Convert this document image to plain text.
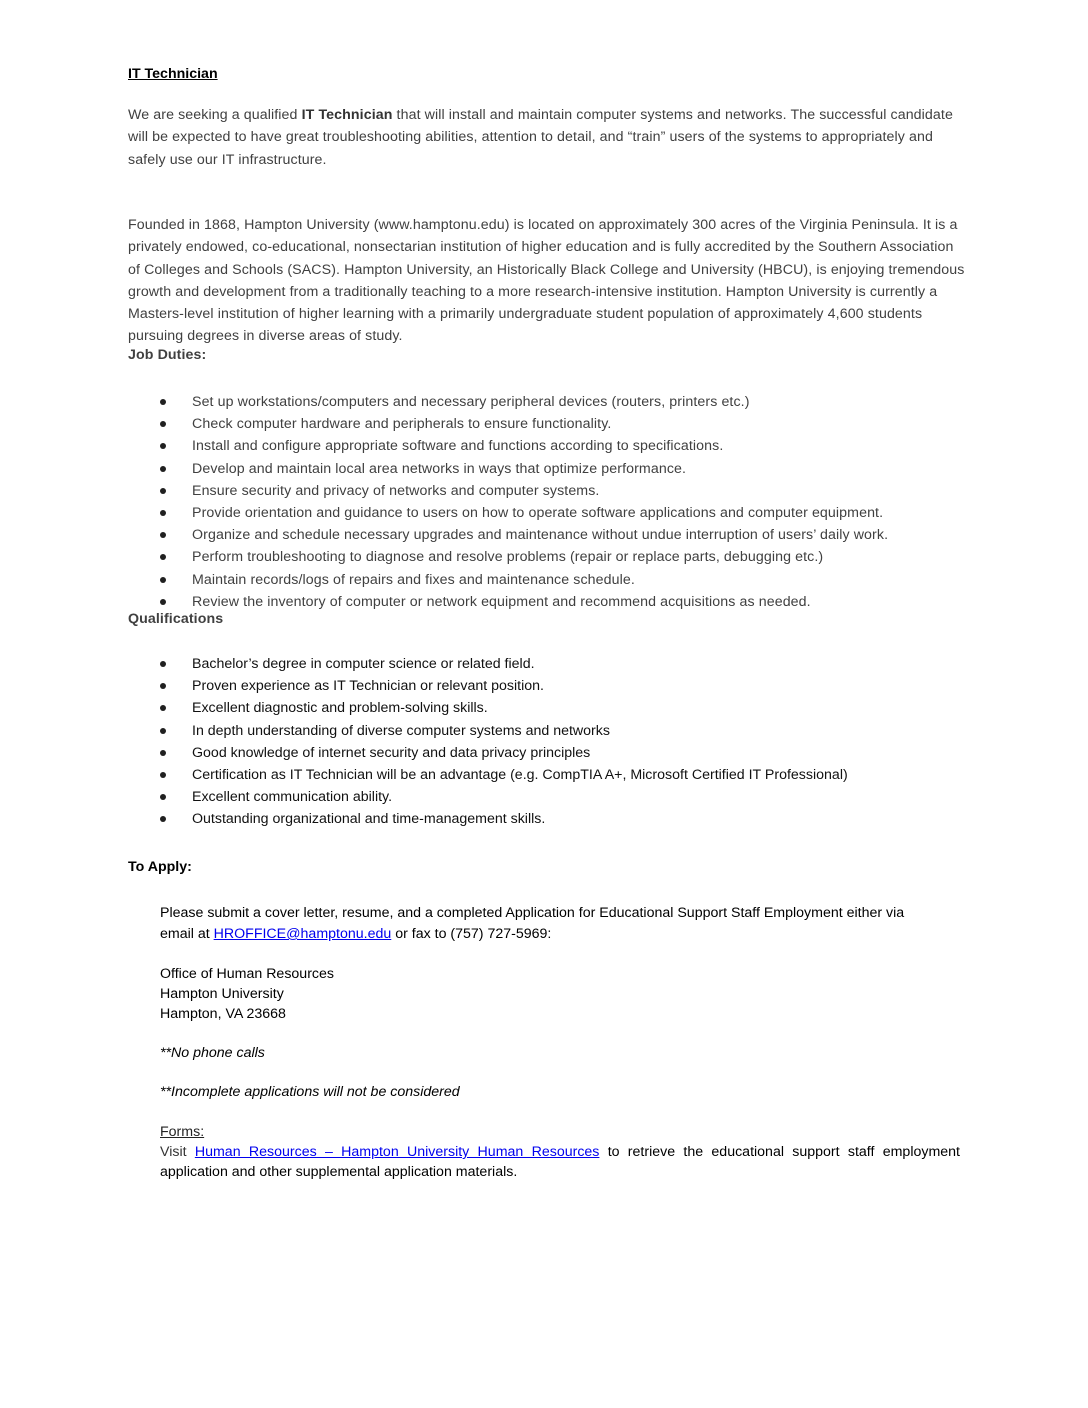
IT Technician

We are seeking a qualified IT Technician that will install and maintain computer systems and networks. The successful candidate will be expected to have great troubleshooting abilities, attention to detail, and “train” users of the systems to appropriately and safely use our IT infrastructure.

Founded in 1868, Hampton University (www.hamptonu.edu) is located on approximately 300 acres of the Virginia Peninsula. It is a privately endowed, co-educational, nonsectarian institution of higher education and is fully accredited by the Southern Association of Colleges and Schools (SACS). Hampton University, an Historically Black College and University (HBCU), is enjoying tremendous growth and development from a traditionally teaching to a more research-intensive institution. Hampton University is currently a Masters-level institution of higher learning with a primarily undergraduate student population of approximately 4,600 students pursuing degrees in diverse areas of study.

Job Duties:
Set up workstations/computers and necessary peripheral devices (routers, printers etc.)
Check computer hardware and peripherals to ensure functionality.
Install and configure appropriate software and functions according to specifications.
Develop and maintain local area networks in ways that optimize performance.
Ensure security and privacy of networks and computer systems.
Provide orientation and guidance to users on how to operate software applications and computer equipment.
Organize and schedule necessary upgrades and maintenance without undue interruption of users’ daily work.
Perform troubleshooting to diagnose and resolve problems (repair or replace parts, debugging etc.)
Maintain records/logs of repairs and fixes and maintenance schedule.
Review the inventory of computer or network equipment and recommend acquisitions as needed.
Qualifications
Bachelor’s degree in computer science or related field.
Proven experience as IT Technician or relevant position.
Excellent diagnostic and problem-solving skills.
In depth understanding of diverse computer systems and networks
Good knowledge of internet security and data privacy principles
Certification as IT Technician will be an advantage (e.g. CompTIA A+, Microsoft Certified IT Professional)
Excellent communication ability.
Outstanding organizational and time-management skills.
To Apply:
Please submit a cover letter, resume, and a completed Application for Educational Support Staff Employment either via
email at HROFFICE@hamptonu.edu or fax to (757) 727-5969:
Office of Human Resources
Hampton University
Hampton, VA 23668
**No phone calls
**Incomplete applications will not be considered
Forms:
Visit Human Resources – Hampton University Human Resources to retrieve the educational support staff employment application and other supplemental application materials.
